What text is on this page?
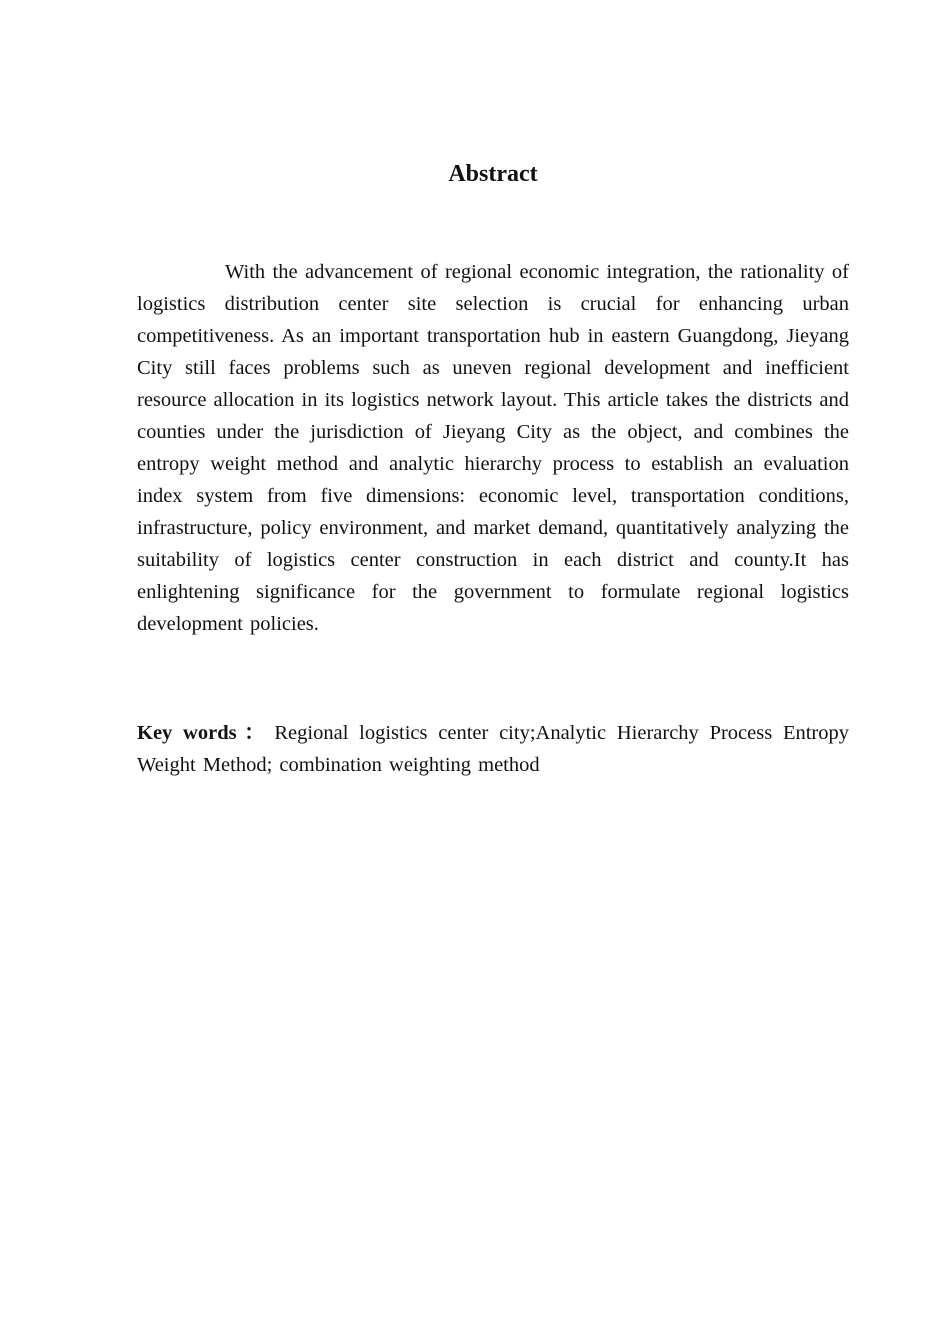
Abstract

With the advancement of regional economic integration, the rationality of logistics distribution center site selection is crucial for enhancing urban competitiveness. As an important transportation hub in eastern Guangdong, Jieyang City still faces problems such as uneven regional development and inefficient resource allocation in its logistics network layout. This article takes the districts and counties under the jurisdiction of Jieyang City as the object, and combines the entropy weight method and analytic hierarchy process to establish an evaluation index system from five dimensions: economic level, transportation conditions, infrastructure, policy environment, and market demand, quantitatively analyzing the suitability of logistics center construction in each district and county.It has enlightening significance for the government to formulate regional logistics development policies.

Key words ： Regional logistics center city;Analytic Hierarchy Process Entropy Weight Method; combination weighting method
